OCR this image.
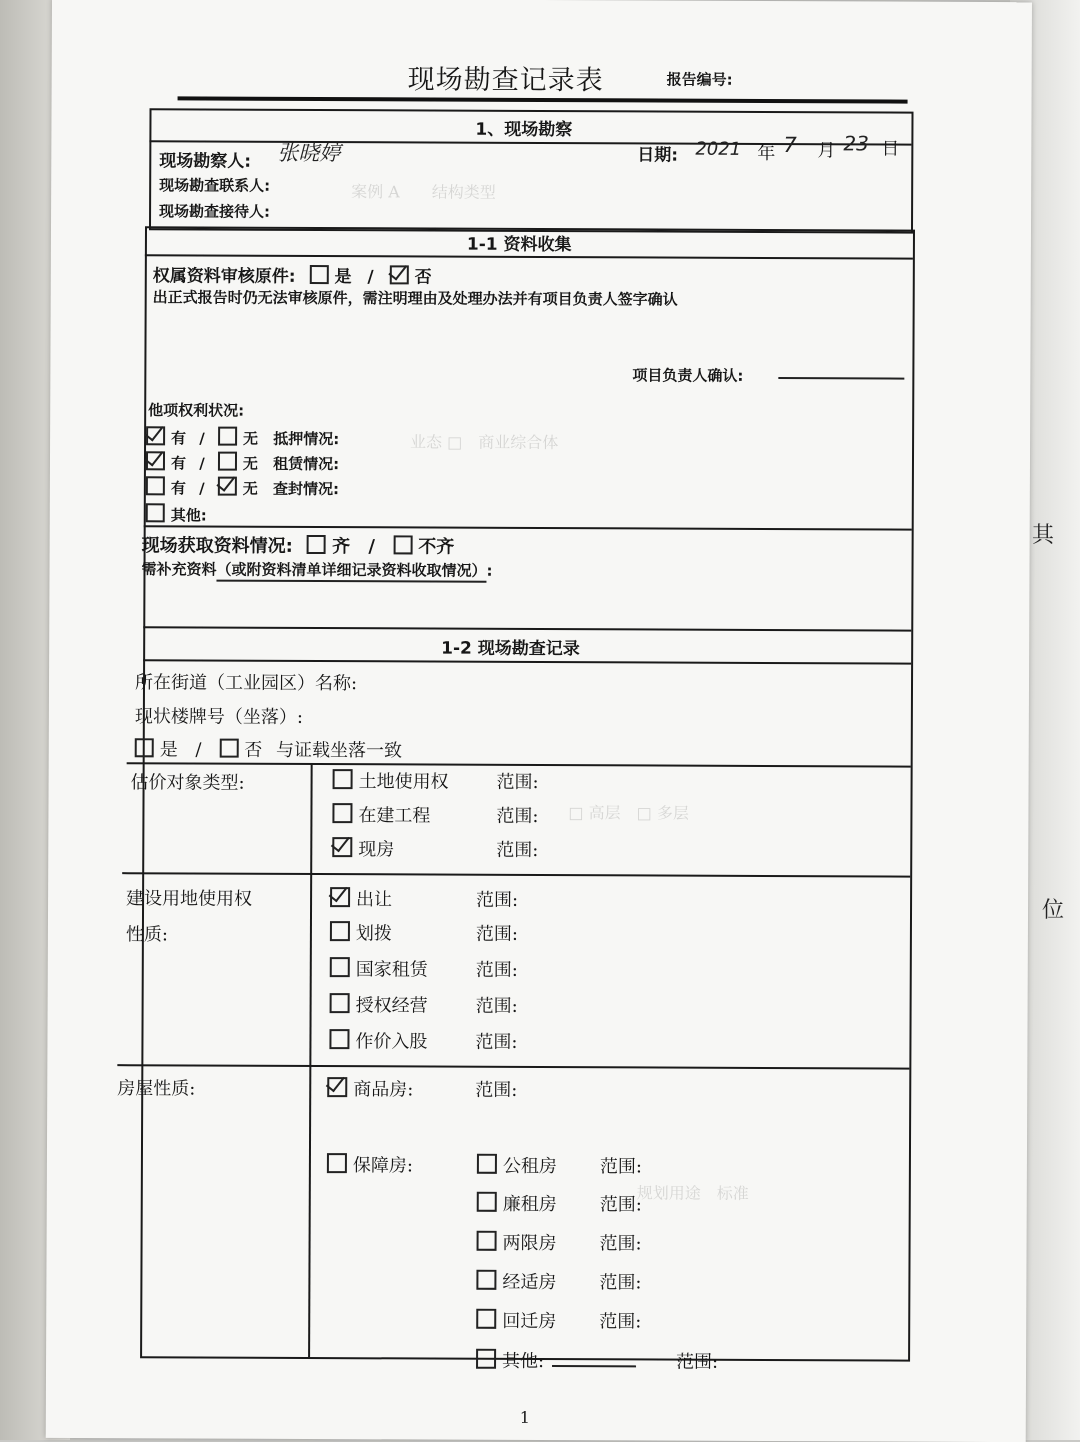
其
位
案例 A　　结构类型
业态 □　商业综合体
□ 高层　□ 多层
规划用途　标准
现场勘查记录表	报告编号:
1、现场勘察
现场勘察人: 张晓婷
现场勘查联系人:
现场勘查接待人:
日期: 2021 年 7 月 23 日
1-1 资料收集
权属资料审核原件: 是 / 否
出正式报告时仍无法审核原件，需注明理由及处理办法并有项目负责人签字确认
项目负责人确认:
他项权利状况:
有 /	无 抵押情况:
有 /	无 租赁情况:
有 /	无 查封情况:
其他:
现场获取资料情况: 齐 / 不齐
需补充资料（或附资料清单详细记录资料收取情况）:
1-2 现场勘查记录
所在街道（工业园区）名称:
现状楼牌号（坐落）:
是 / 否 与证载坐落一致
估价对象类型:	土地使用权	范围:
在建工程	范围:
现房	范围:
建设用地使用权
性质:
出让	范围:
划拨	范围:
国家租赁	范围:
授权经营	范围:
作价入股	范围:
房屋性质:	商品房:	范围:
保障房:	公租房 范围:
廉租房 范围:
两限房 范围:
经适房 范围:
回迁房 范围:
其他:	范围:
1
